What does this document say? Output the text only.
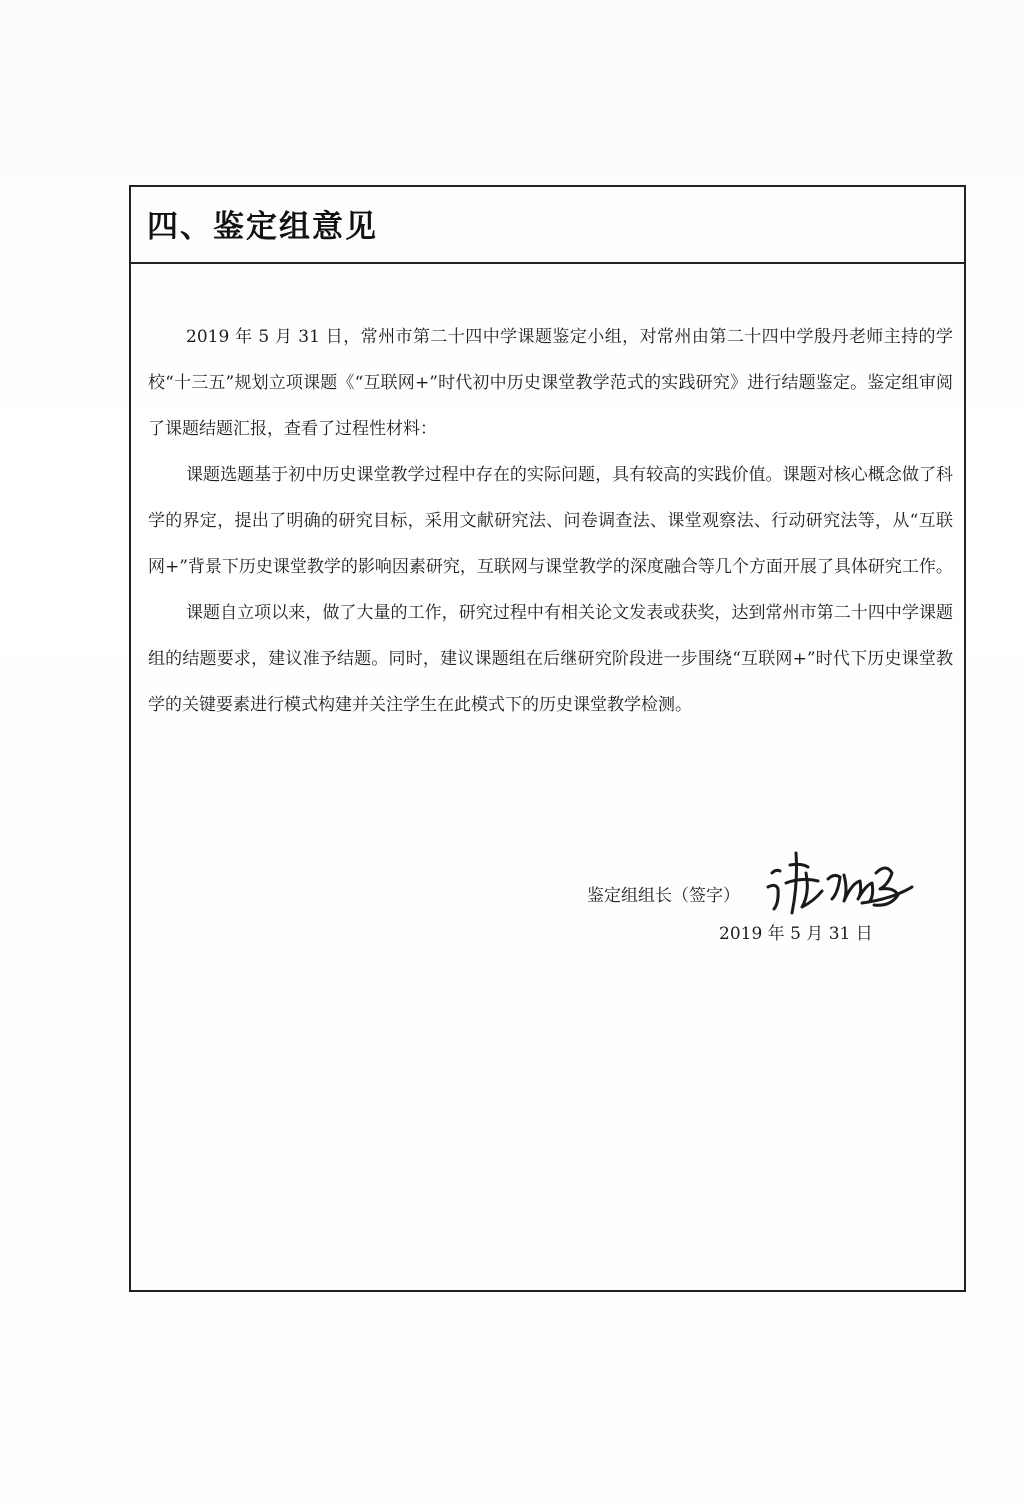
四、鉴定组意见

2019 年 5 月 31 日，常州市第二十四中学课题鉴定小组，对常州由第二十四中学殷丹老师主持的学校“十三五”规划立项课题《“互联网+”时代初中历史课堂教学范式的实践研究》进行结题鉴定。鉴定组审阅了课题结题汇报，查看了过程性材料：

课题选题基于初中历史课堂教学过程中存在的实际问题，具有较高的实践价值。课题对核心概念做了科学的界定，提出了明确的研究目标，采用文献研究法、问卷调查法、课堂观察法、行动研究法等，从“互联网+”背景下历史课堂教学的影响因素研究，互联网与课堂教学的深度融合等几个方面开展了具体研究工作。

课题自立项以来，做了大量的工作，研究过程中有相关论文发表或获奖，达到常州市第二十四中学课题组的结题要求，建议准予结题。同时，建议课题组在后继研究阶段进一步围绕“互联网+”时代下历史课堂教学的关键要素进行模式构建并关注学生在此模式下的历史课堂教学检测。

鉴定组组长（签字）
2019 年 5 月 31 日
